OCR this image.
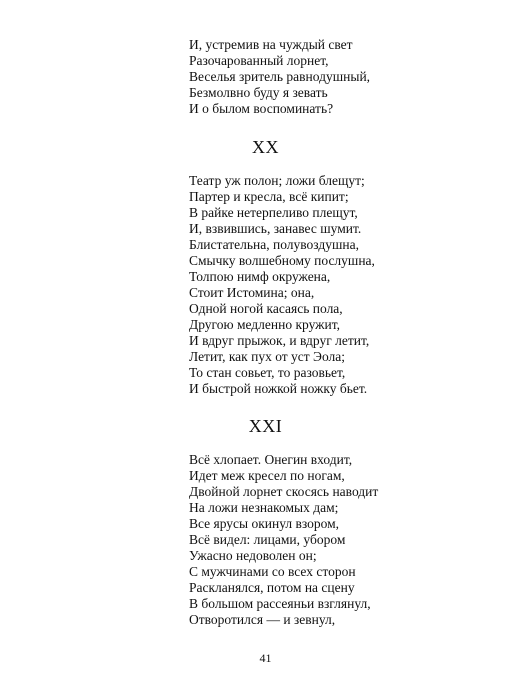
И, устремив на чуждый свет
Разочарованный лорнет,
Веселья зритель равнодушный,
Безмолвно буду я зевать
И о былом воспоминать?
XX
Театр уж полон; ложи блещут;
Партер и кресла, всё кипит;
В райке нетерпеливо плещут,
И, взвившись, занавес шумит.
Блистательна, полувоздушна,
Смычку волшебному послушна,
Толпою нимф окружена,
Стоит Истомина; она,
Одной ногой касаясь пола,
Другою медленно кружит,
И вдруг прыжок, и вдруг летит,
Летит, как пух от уст Эола;
То стан совьет, то разовьет,
И быстрой ножкой ножку бьет.
XXI
Всё хлопает. Онегин входит,
Идет меж кресел по ногам,
Двойной лорнет скосясь наводит
На ложи незнакомых дам;
Все ярусы окинул взором,
Всё видел: лицами, убором
Ужасно недоволен он;
С мужчинами со всех сторон
Раскланялся, потом на сцену
В большом рассеяньи взглянул,
Отворотился — и зевнул,
41
